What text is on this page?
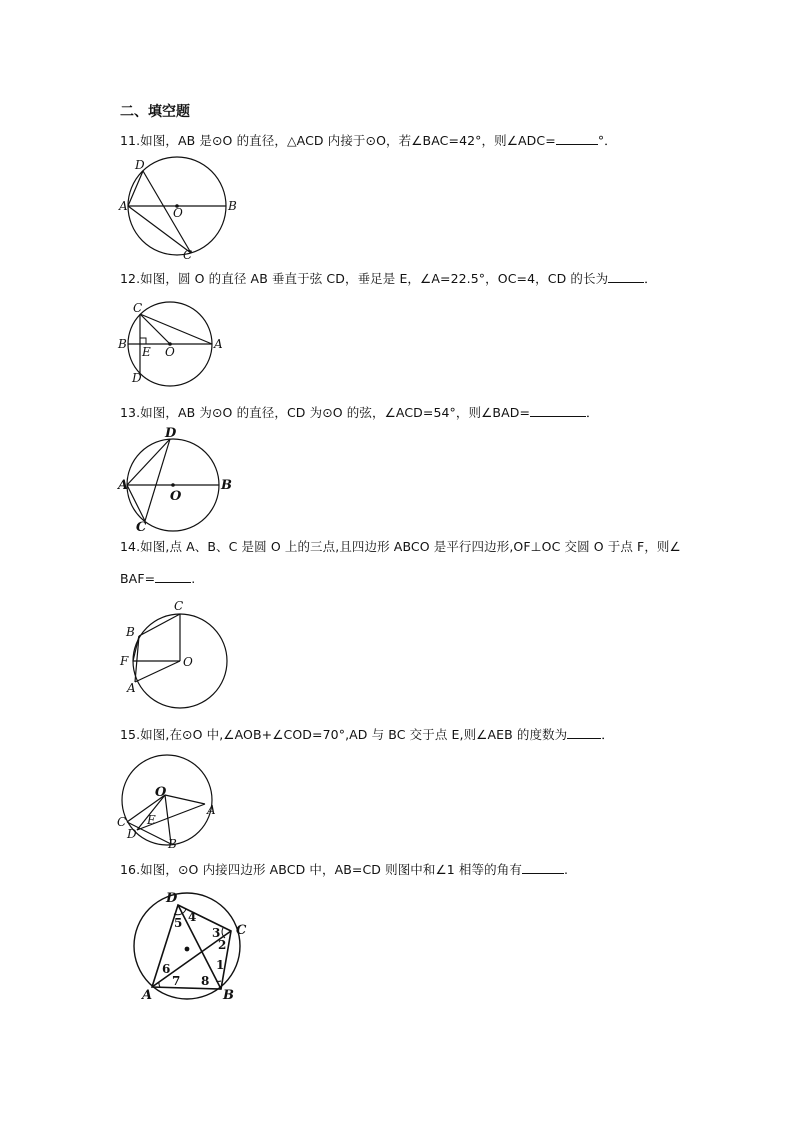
二、填空题
11.如图，AB 是⊙O 的直径，△ACD 内接于⊙O，若∠BAC=42°，则∠ADC=	°．
D
A	O	B
C
12.如图，圆 O 的直径 AB 垂直于弦 CD，垂足是 E，∠A=22.5°，OC=4，CD 的长为	．
C
B
E O
A
D
13.如图，AB 为⊙O 的直径，CD 为⊙O 的弦，∠ACD=54°，则∠BAD=	．
D
A
O
B
C
14.如图,点 A、B、C 是圆 O 上的三点,且四边形 ABCO 是平行四边形,OF⊥OC 交圆 O 于点 F，则∠
BAF=	.
C
B
F	O
A
15.如图,在⊙O 中,∠AOB+∠COD=70°,AD 与 BC 交于点 E,则∠AEB 的度数为	．
O
C E
D
A
B
16.如图，⊙O 内接四边形 ABCD 中，AB=CD 则图中和∠1 相等的角有	.
D
C
A	B
4
5
3
2
1
6
7 8
